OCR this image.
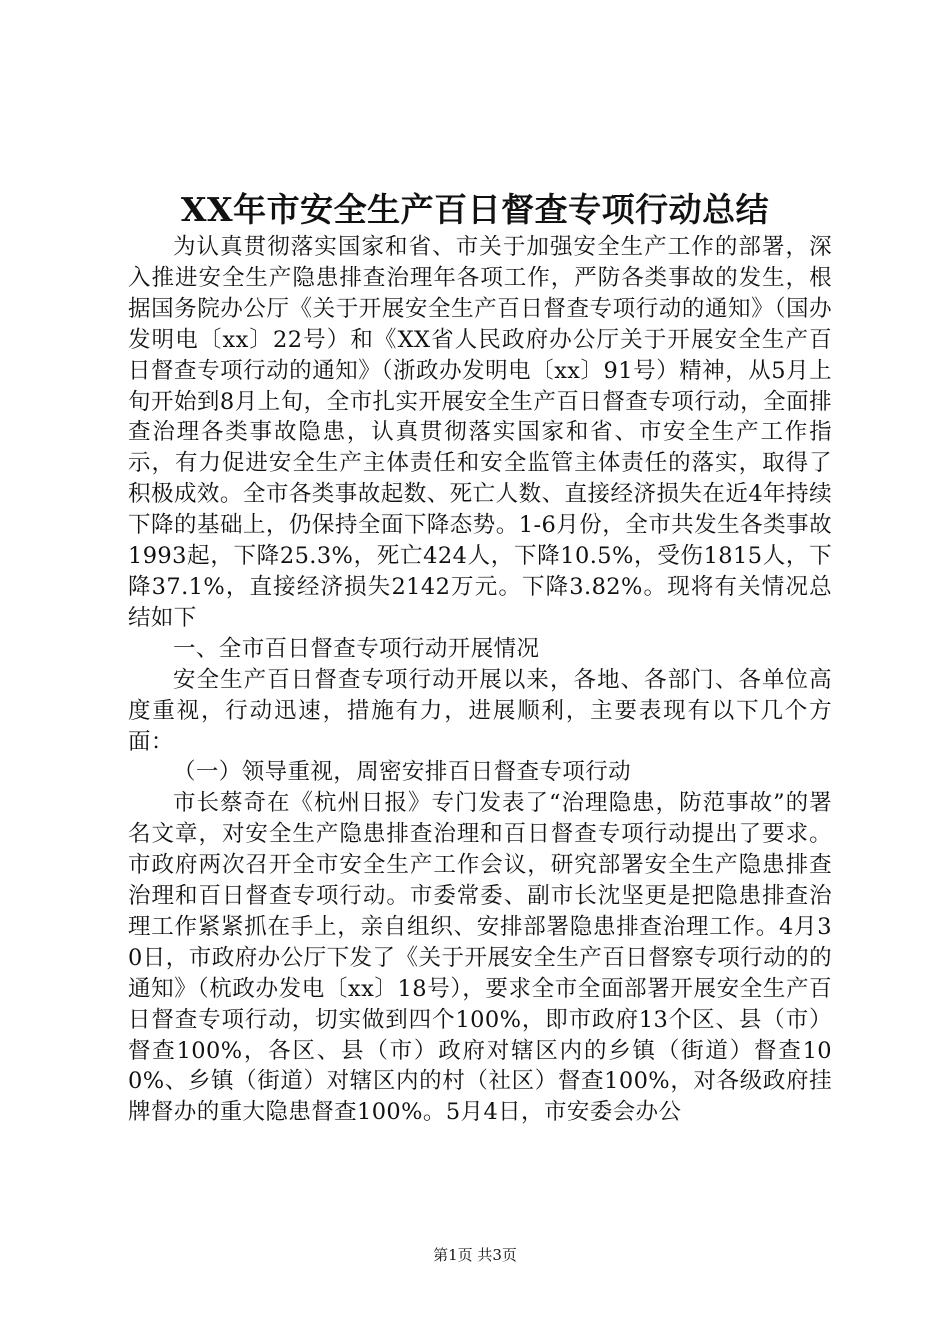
XX年市安全生产百日督查专项行动总结

为认真贯彻落实国家和省、市关于加强安全生产工作的部署，深入推进安全生产隐患排查治理年各项工作，严防各类事故的发生，根据国务院办公厅《关于开展安全生产百日督查专项行动的通知》（国办发明电〔xx〕22号）和《XX省人民政府办公厅关于开展安全生产百日督查专项行动的通知》（浙政办发明电〔xx〕91号）精神，从5月上旬开始到8月上旬，全市扎实开展安全生产百日督查专项行动，全面排查治理各类事故隐患，认真贯彻落实国家和省、市安全生产工作指示，有力促进安全生产主体责任和安全监管主体责任的落实，取得了积极成效。全市各类事故起数、死亡人数、直接经济损失在近4年持续下降的基础上，仍保持全面下降态势。1-6月份，全市共发生各类事故1993起，下降25.3%，死亡424人，下降10.5%，受伤1815人，下降37.1%，直接经济损失2142万元。下降3.82%。现将有关情况总结如下

一、全市百日督查专项行动开展情况

安全生产百日督查专项行动开展以来，各地、各部门、各单位高度重视，行动迅速，措施有力，进展顺利，主要表现有以下几个方面：

（一）领导重视，周密安排百日督查专项行动

市长蔡奇在《杭州日报》专门发表了“治理隐患，防范事故”的署名文章，对安全生产隐患排查治理和百日督查专项行动提出了要求。市政府两次召开全市安全生产工作会议，研究部署安全生产隐患排查治理和百日督查专项行动。市委常委、副市长沈坚更是把隐患排查治理工作紧紧抓在手上，亲自组织、安排部署隐患排查治理工作。4月30日，市政府办公厅下发了《关于开展安全生产百日督察专项行动的的通知》（杭政办发电〔xx〕18号），要求全市全面部署开展安全生产百日督查专项行动，切实做到四个100%，即市政府13个区、县（市）督查100%，各区、县（市）政府对辖区内的乡镇（街道）督查100%、乡镇（街道）对辖区内的村（社区）督查100%，对各级政府挂牌督办的重大隐患督查100%。5月4日，市安委会办公

第1页 共3页
